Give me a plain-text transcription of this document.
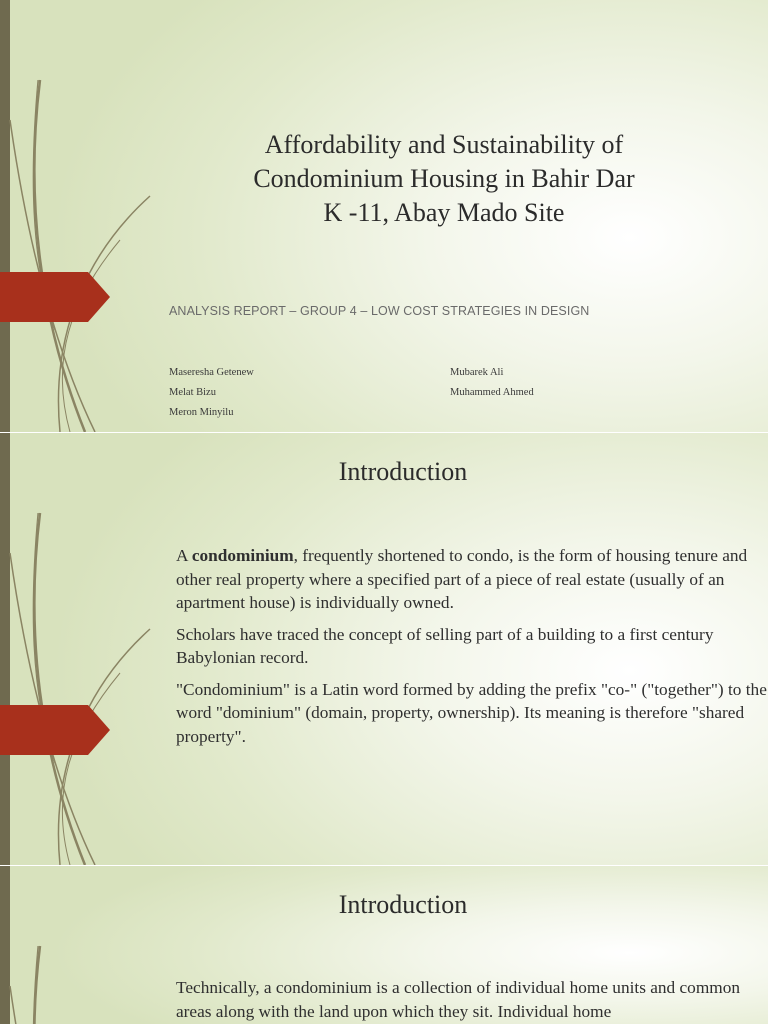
Affordability and Sustainability of
Condominium Housing in Bahir Dar
K -11, Abay Mado Site

ANALYSIS REPORT – GROUP 4 – LOW COST STRATEGIES IN DESIGN

Maseresha Getenew
Melat Bizu
Meron Minyilu
Mubarek Ali
Muhammed Ahmed
Introduction

A condominium, frequently shortened to condo, is the form of housing tenure and other real property where a specified part of a piece of real estate (usually of an apartment house) is individually owned.

Scholars have traced the concept of selling part of a building to a first century Babylonian record.

"Condominium" is a Latin word formed by adding the prefix "co-" ("together") to the word "dominium" (domain, property, ownership). Its meaning is therefore "shared property".

Introduction

Technically, a condominium is a collection of individual home units and common areas along with the land upon which they sit. Individual home
